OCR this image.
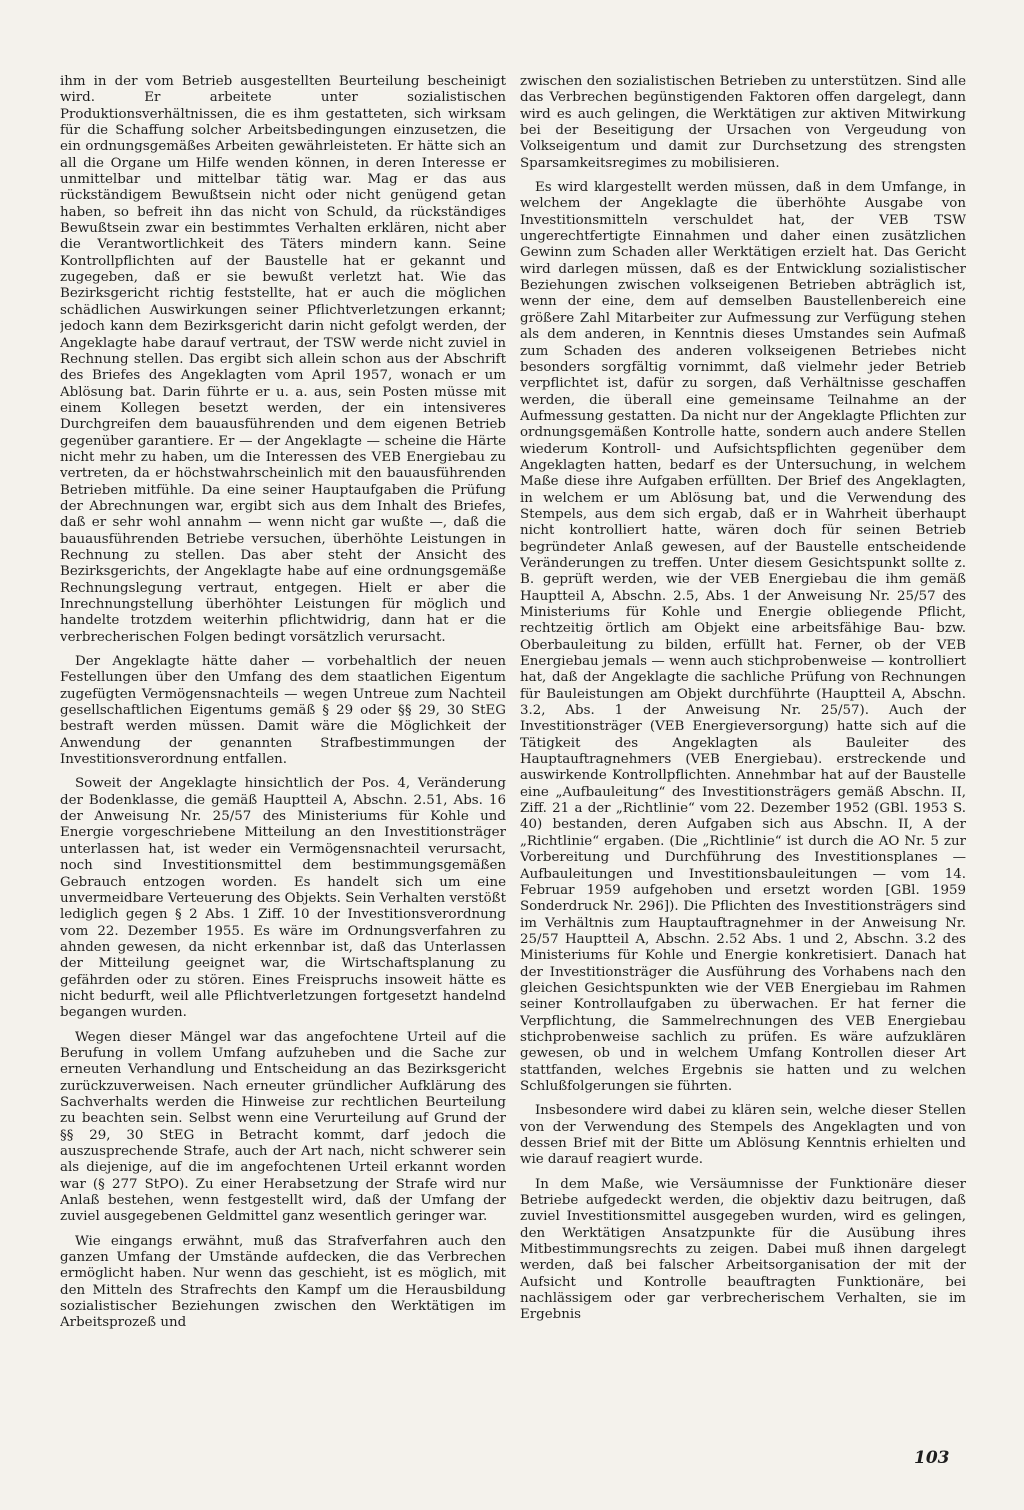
ihm in der vom Betrieb ausgestellten Beurteilung bescheinigt wird. Er arbeitete unter sozialistischen Produktionsverhältnissen, die es ihm gestatteten, sich wirksam für die Schaffung solcher Arbeitsbedingungen einzusetzen, die ein ordnungsgemäßes Arbeiten gewährleisteten. Er hätte sich an all die Organe um Hilfe wenden können, in deren Interesse er unmittelbar und mittelbar tätig war. Mag er das aus rückständigem Bewußtsein nicht oder nicht genügend getan haben, so befreit ihn das nicht von Schuld, da rückständiges Bewußtsein zwar ein bestimmtes Verhalten erklären, nicht aber die Verantwortlichkeit des Täters mindern kann. Seine Kontrollpflichten auf der Baustelle hat er gekannt und zugegeben, daß er sie bewußt verletzt hat. Wie das Bezirksgericht richtig feststellte, hat er auch die möglichen schädlichen Auswirkungen seiner Pflichtverletzungen erkannt; jedoch kann dem Bezirksgericht darin nicht gefolgt werden, der Angeklagte habe darauf vertraut, der TSW werde nicht zuviel in Rechnung stellen. Das ergibt sich allein schon aus der Abschrift des Briefes des Angeklagten vom April 1957, wonach er um Ablösung bat. Darin führte er u. a. aus, sein Posten müsse mit einem Kollegen besetzt werden, der ein intensiveres Durchgreifen dem bauausführenden und dem eigenen Betrieb gegenüber garantiere. Er — der Angeklagte — scheine die Härte nicht mehr zu haben, um die Interessen des VEB Energiebau zu vertreten, da er höchstwahrscheinlich mit den bauausführenden Betrieben mitfühle. Da eine seiner Hauptaufgaben die Prüfung der Abrechnungen war, ergibt sich aus dem Inhalt des Briefes, daß er sehr wohl annahm — wenn nicht gar wußte —, daß die bauausführenden Betriebe versuchen, überhöhte Leistungen in Rechnung zu stellen. Das aber steht der Ansicht des Bezirksgerichts, der Angeklagte habe auf eine ordnungsgemäße Rechnungslegung vertraut, entgegen. Hielt er aber die Inrechnungstellung überhöhter Leistungen für möglich und handelte trotzdem weiterhin pflichtwidrig, dann hat er die verbrecherischen Folgen bedingt vorsätzlich verursacht.

Der Angeklagte hätte daher — vorbehaltlich der neuen Festellungen über den Umfang des dem staatlichen Eigentum zugefügten Vermögensnachteils — wegen Untreue zum Nachteil gesellschaftlichen Eigentums gemäß § 29 oder §§ 29, 30 StEG bestraft werden müssen. Damit wäre die Möglichkeit der Anwendung der genannten Strafbestimmungen der Investitionsverordnung entfallen.

Soweit der Angeklagte hinsichtlich der Pos. 4, Veränderung der Bodenklasse, die gemäß Hauptteil A, Abschn. 2.51, Abs. 16 der Anweisung Nr. 25/57 des Ministeriums für Kohle und Energie vorgeschriebene Mitteilung an den Investitionsträger unterlassen hat, ist weder ein Vermögensnachteil verursacht, noch sind Investitionsmittel dem bestimmungsgemäßen Gebrauch entzogen worden. Es handelt sich um eine unvermeidbare Verteuerung des Objekts. Sein Verhalten verstößt lediglich gegen § 2 Abs. 1 Ziff. 10 der Investitionsverordnung vom 22. Dezember 1955. Es wäre im Ordnungsverfahren zu ahnden gewesen, da nicht erkennbar ist, daß das Unterlassen der Mitteilung geeignet war, die Wirtschaftsplanung zu gefährden oder zu stören. Eines Freispruchs insoweit hätte es nicht bedurft, weil alle Pflichtverletzungen fortgesetzt handelnd begangen wurden.

Wegen dieser Mängel war das angefochtene Urteil auf die Berufung in vollem Umfang aufzuheben und die Sache zur erneuten Verhandlung und Entscheidung an das Bezirksgericht zurückzuverweisen. Nach erneuter gründlicher Aufklärung des Sachverhalts werden die Hinweise zur rechtlichen Beurteilung zu beachten sein. Selbst wenn eine Verurteilung auf Grund der §§ 29, 30 StEG in Betracht kommt, darf jedoch die auszusprechende Strafe, auch der Art nach, nicht schwerer sein als diejenige, auf die im angefochtenen Urteil erkannt worden war (§ 277 StPO). Zu einer Herabsetzung der Strafe wird nur Anlaß bestehen, wenn festgestellt wird, daß der Umfang der zuviel ausgegebenen Geldmittel ganz wesentlich geringer war.

Wie eingangs erwähnt, muß das Strafverfahren auch den ganzen Umfang der Umstände aufdecken, die das Verbrechen ermöglicht haben. Nur wenn das geschieht, ist es möglich, mit den Mitteln des Strafrechts den Kampf um die Herausbildung sozialistischer Beziehungen zwischen den Werktätigen im Arbeitsprozeß und

zwischen den sozialistischen Betrieben zu unterstützen. Sind alle das Verbrechen begünstigenden Faktoren offen dargelegt, dann wird es auch gelingen, die Werktätigen zur aktiven Mitwirkung bei der Beseitigung der Ursachen von Vergeudung von Volkseigentum und damit zur Durchsetzung des strengsten Sparsamkeitsregimes zu mobilisieren.

Es wird klargestellt werden müssen, daß in dem Umfange, in welchem der Angeklagte die überhöhte Ausgabe von Investitionsmitteln verschuldet hat, der VEB TSW ungerechtfertigte Einnahmen und daher einen zusätzlichen Gewinn zum Schaden aller Werktätigen erzielt hat. Das Gericht wird darlegen müssen, daß es der Entwicklung sozialistischer Beziehungen zwischen volkseigenen Betrieben abträglich ist, wenn der eine, dem auf demselben Baustellenbereich eine größere Zahl Mitarbeiter zur Aufmessung zur Verfügung stehen als dem anderen, in Kenntnis dieses Umstandes sein Aufmaß zum Schaden des anderen volkseigenen Betriebes nicht besonders sorgfältig vornimmt, daß vielmehr jeder Betrieb verpflichtet ist, dafür zu sorgen, daß Verhältnisse geschaffen werden, die überall eine gemeinsame Teilnahme an der Aufmessung gestatten. Da nicht nur der Angeklagte Pflichten zur ordnungsgemäßen Kontrolle hatte, sondern auch andere Stellen wiederum Kontroll- und Aufsichtspflichten gegenüber dem Angeklagten hatten, bedarf es der Untersuchung, in welchem Maße diese ihre Aufgaben erfüllten. Der Brief des Angeklagten, in welchem er um Ablösung bat, und die Verwendung des Stempels, aus dem sich ergab, daß er in Wahrheit überhaupt nicht kontrolliert hatte, wären doch für seinen Betrieb begründeter Anlaß gewesen, auf der Baustelle entscheidende Veränderungen zu treffen. Unter diesem Gesichtspunkt sollte z. B. geprüft werden, wie der VEB Energiebau die ihm gemäß Hauptteil A, Abschn. 2.5, Abs. 1 der Anweisung Nr. 25/57 des Ministeriums für Kohle und Energie obliegende Pflicht, rechtzeitig örtlich am Objekt eine arbeitsfähige Bau- bzw. Oberbauleitung zu bilden, erfüllt hat. Ferner, ob der VEB Energiebau jemals — wenn auch stichprobenweise — kontrolliert hat, daß der Angeklagte die sachliche Prüfung von Rechnungen für Bauleistungen am Objekt durchführte (Hauptteil A, Abschn. 3.2, Abs. 1 der Anweisung Nr. 25/57). Auch der Investitionsträger (VEB Energieversorgung) hatte sich auf die Tätigkeit des Angeklagten als Bauleiter des Hauptauftragnehmers (VEB Energiebau). erstreckende und auswirkende Kontrollpflichten. Annehmbar hat auf der Baustelle eine „Aufbauleitung“ des Investitionsträgers gemäß Abschn. II, Ziff. 21 a der „Richtlinie“ vom 22. Dezember 1952 (GBl. 1953 S. 40) bestanden, deren Aufgaben sich aus Abschn. II, A der „Richtlinie“ ergaben. (Die „Richtlinie“ ist durch die AO Nr. 5 zur Vorbereitung und Durchführung des Investitionsplanes — Aufbauleitungen und Investitionsbauleitungen — vom 14. Februar 1959 aufgehoben und ersetzt worden [GBl. 1959 Sonderdruck Nr. 296]). Die Pflichten des Investitionsträgers sind im Verhältnis zum Hauptauftragnehmer in der Anweisung Nr. 25/57 Hauptteil A, Abschn. 2.52 Abs. 1 und 2, Abschn. 3.2 des Ministeriums für Kohle und Energie konkretisiert. Danach hat der Investitionsträger die Ausführung des Vorhabens nach den gleichen Gesichtspunkten wie der VEB Energiebau im Rahmen seiner Kontrollaufgaben zu überwachen. Er hat ferner die Verpflichtung, die Sammelrechnungen des VEB Energiebau stichprobenweise sachlich zu prüfen. Es wäre aufzuklären gewesen, ob und in welchem Umfang Kontrollen dieser Art stattfanden, welches Ergebnis sie hatten und zu welchen Schlußfolgerungen sie führten.

Insbesondere wird dabei zu klären sein, welche dieser Stellen von der Verwendung des Stempels des Angeklagten und von dessen Brief mit der Bitte um Ablösung Kenntnis erhielten und wie darauf reagiert wurde.

In dem Maße, wie Versäumnisse der Funktionäre dieser Betriebe aufgedeckt werden, die objektiv dazu beitrugen, daß zuviel Investitionsmittel ausgegeben wurden, wird es gelingen, den Werktätigen Ansatzpunkte für die Ausübung ihres Mitbestimmungsrechts zu zeigen. Dabei muß ihnen dargelegt werden, daß bei falscher Arbeitsorganisation der mit der Aufsicht und Kontrolle beauftragten Funktionäre, bei nachlässigem oder gar verbrecherischem Verhalten, sie im Ergebnis

103
